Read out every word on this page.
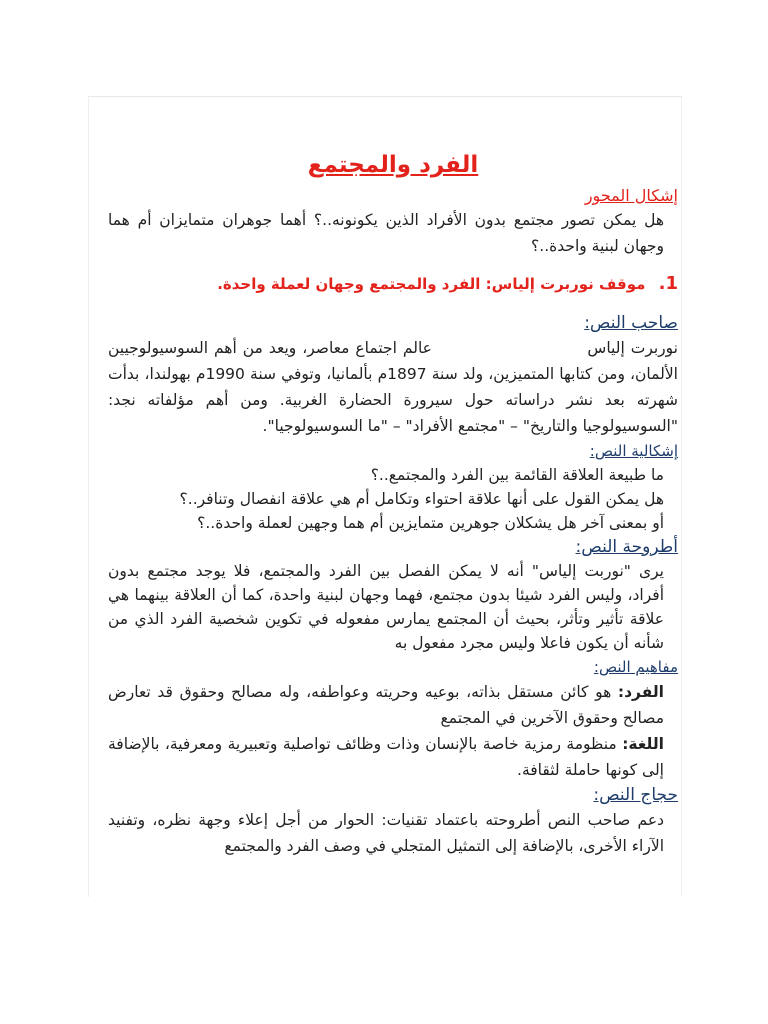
الفرد والمجتمع

إشكال المحور

هل يمكن تصور مجتمع بدون الأفراد الذين يكونونه..؟ أهما جوهران متمايزان أم هما وجهان لبنية واحدة..؟

1. موقف نوربرت إلياس: الفرد والمجتمع وجهان لعملة واحدة.

صاحب النص:

نوربرت إلياس                          عالم اجتماع معاصر، ويعد من أهم السوسيولوجيين الألمان، ومن كتابها المتميزين، ولد سنة 1897م بألمانيا، وتوفي سنة 1990م بهولندا، بدأت شهرته بعد نشر دراساته حول سيرورة الحضارة الغربية. ومن أهم مؤلفاته نجد: "السوسيولوجيا والتاريخ" – "مجتمع الأفراد" – "ما السوسيولوجيا".

إشكالية النص:

ما طبيعة العلاقة القائمة بين الفرد والمجتمع..؟

هل يمكن القول على أنها علاقة احتواء وتكامل أم هي علاقة انفصال وتنافر..؟

أو بمعنى آخر هل يشكلان جوهرين متمايزين أم هما وجهين لعملة واحدة..؟

أطروحة النص:

يرى "نوربت إلياس" أنه لا يمكن الفصل بين الفرد والمجتمع، فلا يوجد مجتمع بدون أفراد، وليس الفرد شيئا بدون مجتمع، فهما وجهان لبنية واحدة، كما أن العلاقة بينهما هي علاقة تأثير وتأثر، بحيث أن المجتمع يمارس مفعوله في تكوين شخصية الفرد الذي من شأنه أن يكون فاعلا وليس مجرد مفعول به

مفاهيم النص:

الفرد: هو كائن مستقل بذاته، بوعيه وحريته وعواطفه، وله مصالح وحقوق قد تعارض مصالح وحقوق الآخرين في المجتمع

اللغة: منظومة رمزية خاصة بالإنسان وذات وظائف تواصلية وتعبيرية ومعرفية، بالإضافة إلى كونها حاملة لثقافة.

حجاج النص:

دعم صاحب النص أطروحته باعتماد تقنيات: الحوار من أجل إعلاء وجهة نظره، وتفنيد الآراء الأخرى، بالإضافة إلى التمثيل المتجلي في وصف الفرد والمجتمع
